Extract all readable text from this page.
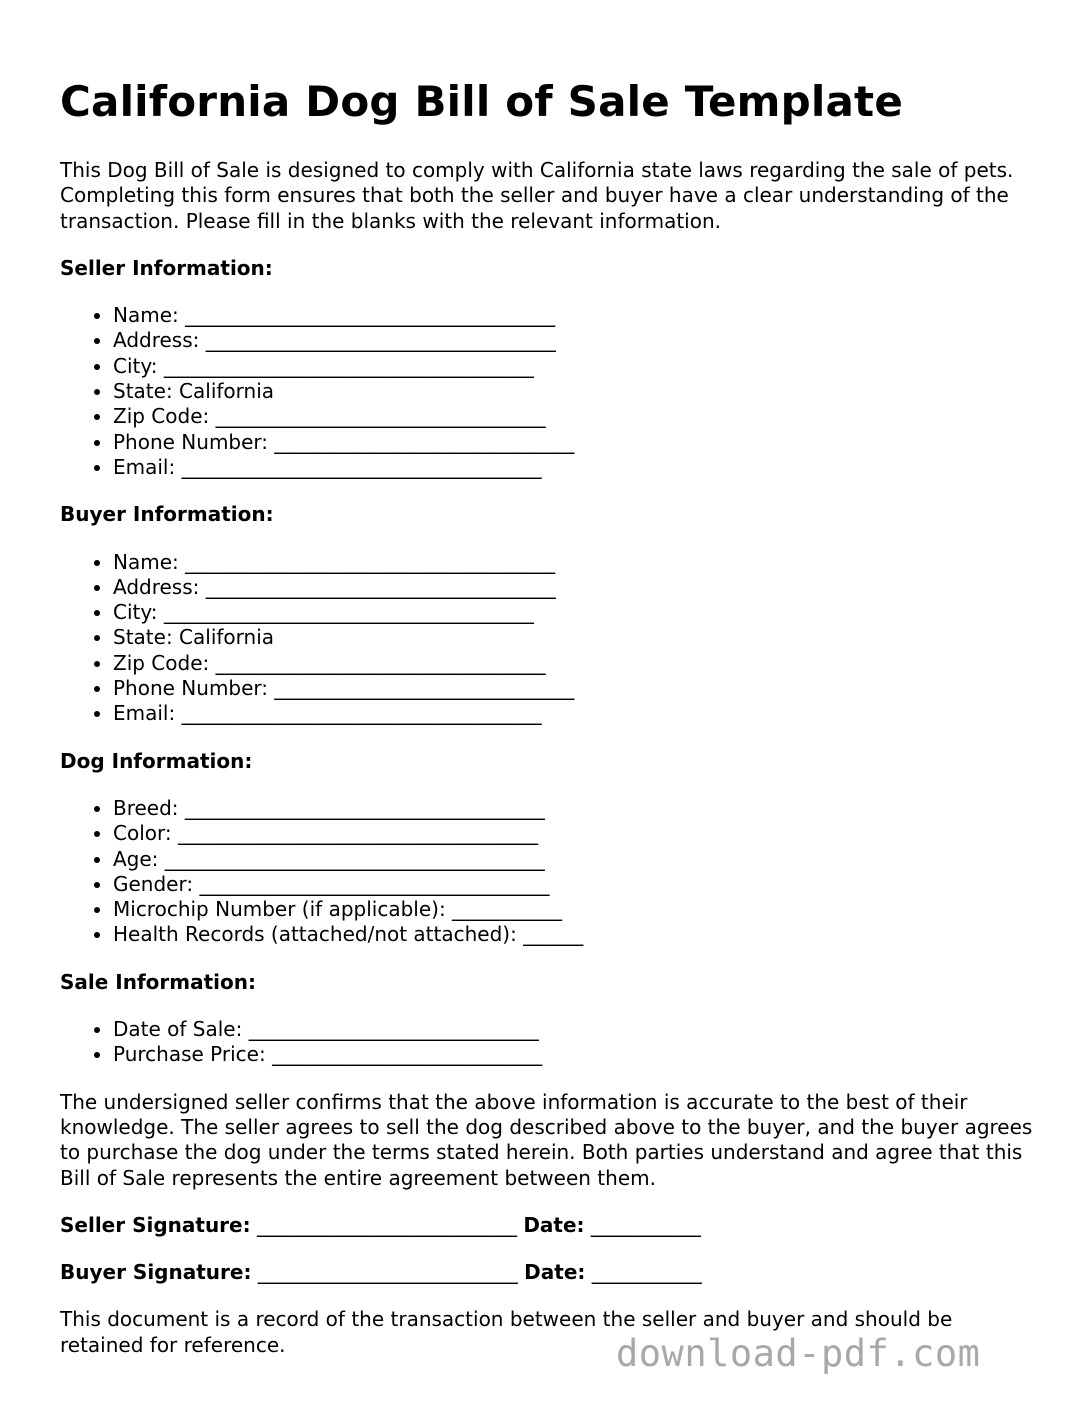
California Dog Bill of Sale Template

This Dog Bill of Sale is designed to comply with California state laws regarding the sale of pets. Completing this form ensures that both the seller and buyer have a clear understanding of the transaction. Please fill in the blanks with the relevant information.

Seller Information:

• Name: _____________________________________
• Address: ___________________________________
• City: _____________________________________
• State: California
• Zip Code: _________________________________
• Phone Number: ______________________________
• Email: ____________________________________

Buyer Information:

• Name: _____________________________________
• Address: ___________________________________
• City: _____________________________________
• State: California
• Zip Code: _________________________________
• Phone Number: ______________________________
• Email: ____________________________________

Dog Information:

• Breed: ____________________________________
• Color: ____________________________________
• Age: ______________________________________
• Gender: ___________________________________
• Microchip Number (if applicable): ___________
• Health Records (attached/not attached): ______

Sale Information:

• Date of Sale: _____________________________
• Purchase Price: ___________________________

The undersigned seller confirms that the above information is accurate to the best of their knowledge. The seller agrees to sell the dog described above to the buyer, and the buyer agrees to purchase the dog under the terms stated herein. Both parties understand and agree that this Bill of Sale represents the entire agreement between them.

Seller Signature: __________________________ Date: ___________

Buyer Signature: __________________________ Date: ___________

This document is a record of the transaction between the seller and buyer and should be retained for reference.	download-pdf.com
